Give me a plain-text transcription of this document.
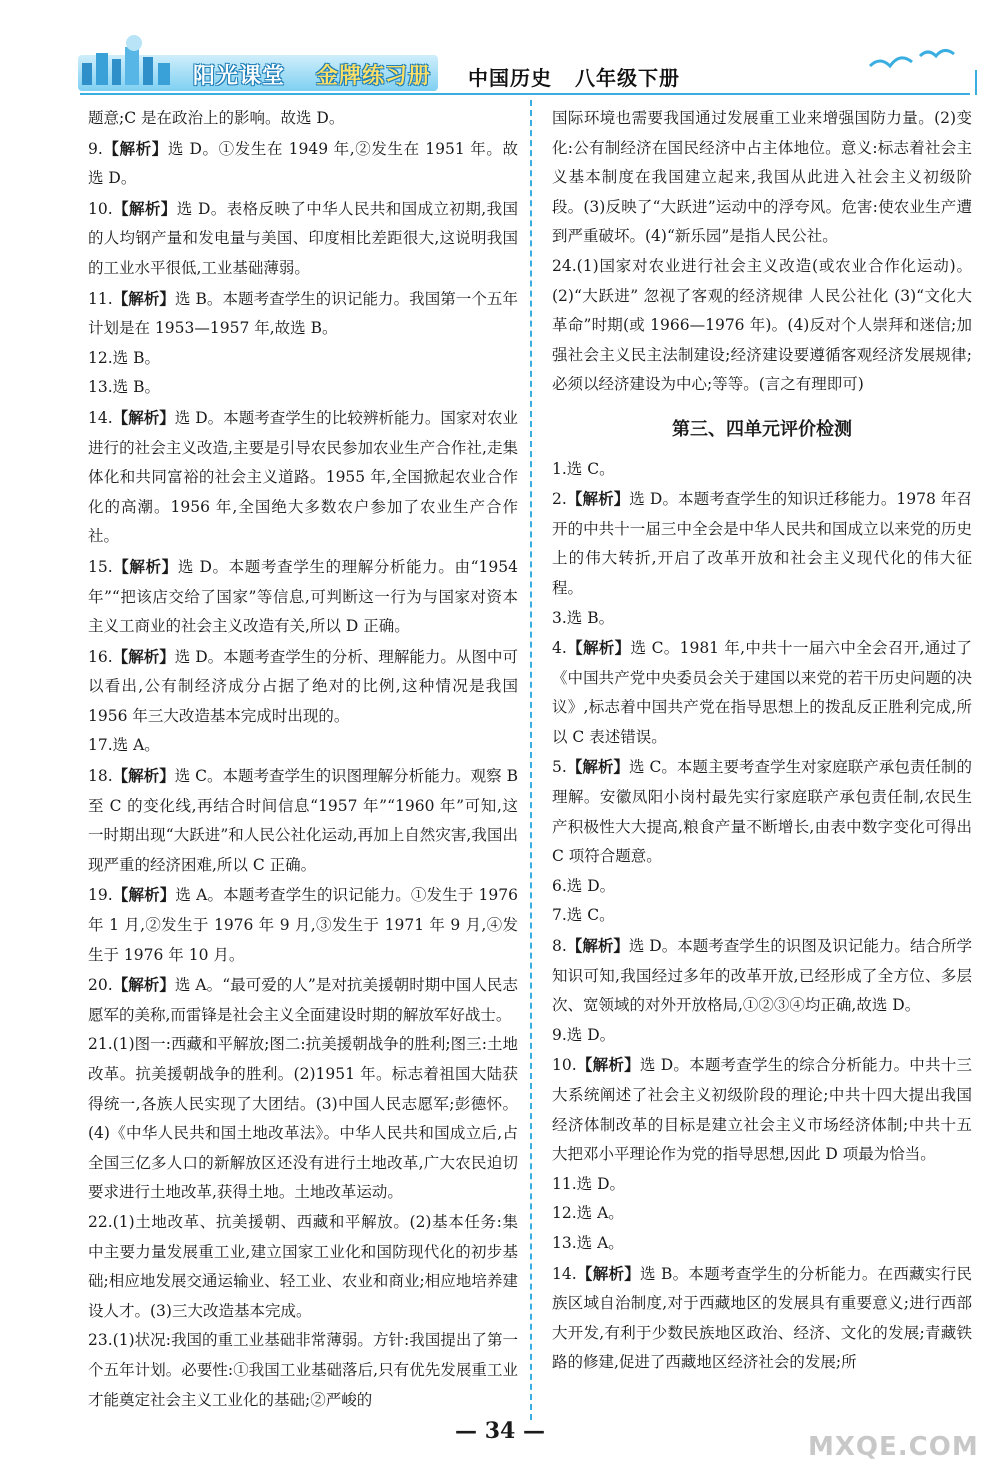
阳光课堂 金牌练习册 中国历史 八年级下册

题意;C 是在政治上的影响。故选 D。

9.【解析】选 D。①发生在 1949 年,②发生在 1951 年。故选 D。

10.【解析】选 D。表格反映了中华人民共和国成立初期,我国的人均钢产量和发电量与美国、印度相比差距很大,这说明我国的工业水平很低,工业基础薄弱。

11.【解析】选 B。本题考查学生的识记能力。我国第一个五年计划是在 1953—1957 年,故选 B。

12.选 B。

13.选 B。

14.【解析】选 D。本题考查学生的比较辨析能力。国家对农业进行的社会主义改造,主要是引导农民参加农业生产合作社,走集体化和共同富裕的社会主义道路。1955 年,全国掀起农业合作化的高潮。1956 年,全国绝大多数农户参加了农业生产合作社。

15.【解析】选 D。本题考查学生的理解分析能力。由“1954 年”“把该店交给了国家”等信息,可判断这一行为与国家对资本主义工商业的社会主义改造有关,所以 D 正确。

16.【解析】选 D。本题考查学生的分析、理解能力。从图中可以看出,公有制经济成分占据了绝对的比例,这种情况是我国 1956 年三大改造基本完成时出现的。

17.选 A。

18.【解析】选 C。本题考查学生的识图理解分析能力。观察 B 至 C 的变化线,再结合时间信息“1957 年”“1960 年”可知,这一时期出现“大跃进”和人民公社化运动,再加上自然灾害,我国出现严重的经济困难,所以 C 正确。

19.【解析】选 A。本题考查学生的识记能力。①发生于 1976 年 1 月,②发生于 1976 年 9 月,③发生于 1971 年 9 月,④发生于 1976 年 10 月。

20.【解析】选 A。“最可爱的人”是对抗美援朝时期中国人民志愿军的美称,而雷锋是社会主义全面建设时期的解放军好战士。

21.(1)图一:西藏和平解放;图二:抗美援朝战争的胜利;图三:土地改革。抗美援朝战争的胜利。(2)1951 年。标志着祖国大陆获得统一,各族人民实现了大团结。(3)中国人民志愿军;彭德怀。(4)《中华人民共和国土地改革法》。中华人民共和国成立后,占全国三亿多人口的新解放区还没有进行土地改革,广大农民迫切要求进行土地改革,获得土地。土地改革运动。

22.(1)土地改革、抗美援朝、西藏和平解放。(2)基本任务:集中主要力量发展重工业,建立国家工业化和国防现代化的初步基础;相应地发展交通运输业、轻工业、农业和商业;相应地培养建设人才。(3)三大改造基本完成。

23.(1)状况:我国的重工业基础非常薄弱。方针:我国提出了第一个五年计划。必要性:①我国工业基础落后,只有优先发展重工业才能奠定社会主义工业化的基础;②严峻的

国际环境也需要我国通过发展重工业来增强国防力量。(2)变化:公有制经济在国民经济中占主体地位。意义:标志着社会主义基本制度在我国建立起来,我国从此进入社会主义初级阶段。(3)反映了“大跃进”运动中的浮夸风。危害:使农业生产遭到严重破坏。(4)“新乐园”是指人民公社。

24.(1)国家对农业进行社会主义改造(或农业合作化运动)。(2)“大跃进” 忽视了客观的经济规律 人民公社化 (3)“文化大革命”时期(或 1966—1976 年)。(4)反对个人崇拜和迷信;加强社会主义民主法制建设;经济建设要遵循客观经济发展规律;必须以经济建设为中心;等等。(言之有理即可)

第三、四单元评价检测

1.选 C。

2.【解析】选 D。本题考查学生的知识迁移能力。1978 年召开的中共十一届三中全会是中华人民共和国成立以来党的历史上的伟大转折,开启了改革开放和社会主义现代化的伟大征程。

3.选 B。

4.【解析】选 C。1981 年,中共十一届六中全会召开,通过了《中国共产党中央委员会关于建国以来党的若干历史问题的决议》,标志着中国共产党在指导思想上的拨乱反正胜利完成,所以 C 表述错误。

5.【解析】选 C。本题主要考查学生对家庭联产承包责任制的理解。安徽凤阳小岗村最先实行家庭联产承包责任制,农民生产积极性大大提高,粮食产量不断增长,由表中数字变化可得出 C 项符合题意。

6.选 D。

7.选 C。

8.【解析】选 D。本题考查学生的识图及识记能力。结合所学知识可知,我国经过多年的改革开放,已经形成了全方位、多层次、宽领域的对外开放格局,①②③④均正确,故选 D。

9.选 D。

10.【解析】选 D。本题考查学生的综合分析能力。中共十三大系统阐述了社会主义初级阶段的理论;中共十四大提出我国经济体制改革的目标是建立社会主义市场经济体制;中共十五大把邓小平理论作为党的指导思想,因此 D 项最为恰当。

11.选 D。

12.选 A。

13.选 A。

14.【解析】选 B。本题考查学生的分析能力。在西藏实行民族区域自治制度,对于西藏地区的发展具有重要意义;进行西部大开发,有利于少数民族地区政治、经济、文化的发展;青藏铁路的修建,促进了西藏地区经济社会的发展;所

— 34 —
MXQE.COM
